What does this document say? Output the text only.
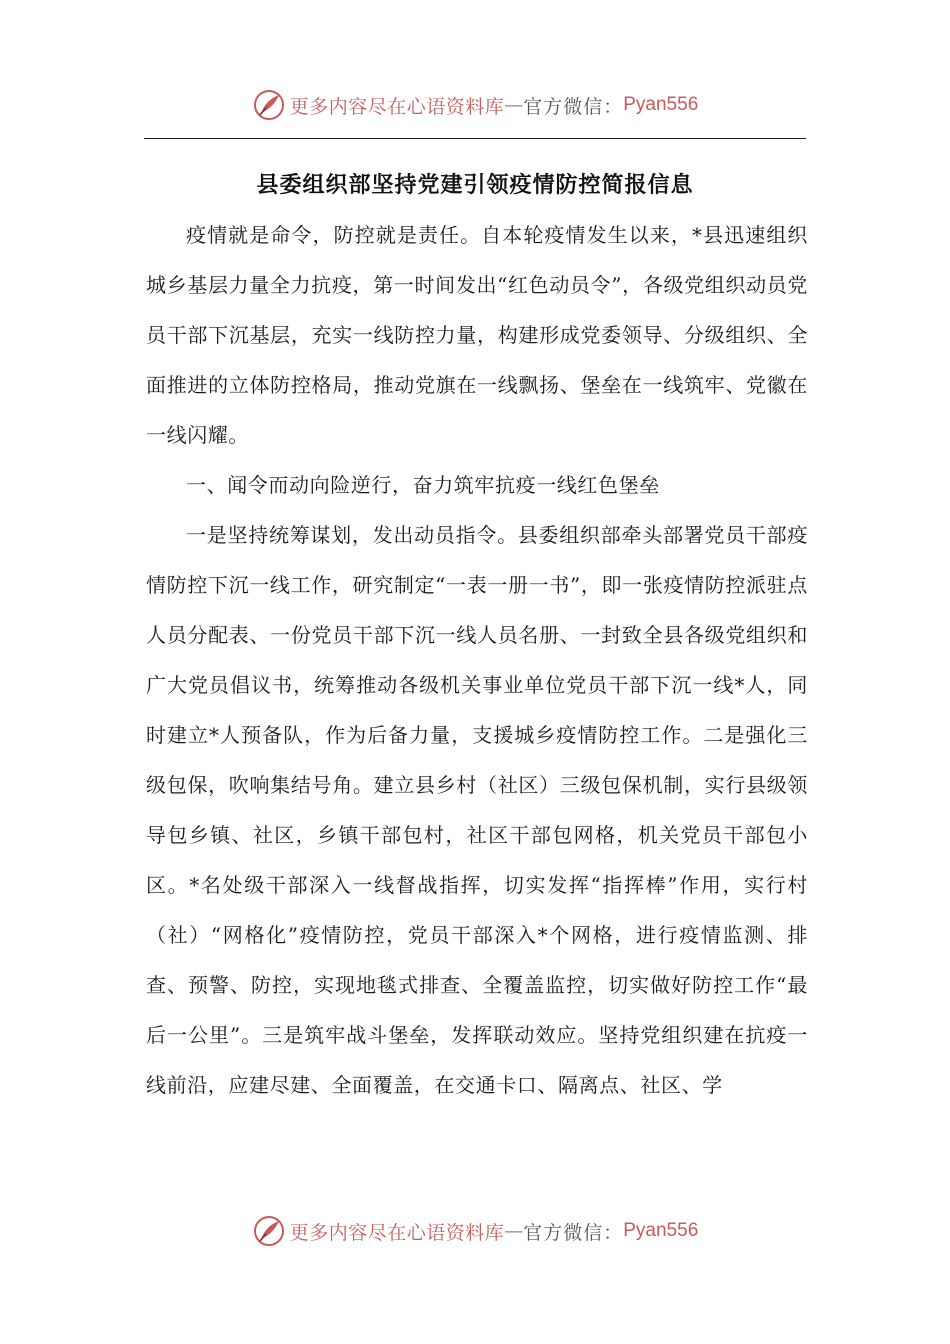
更多内容尽在心语资料库 — 官方微信： Pyan556
县委组织部坚持党建引领疫情防控简报信息

疫情就是命令，防控就是责任。自本轮疫情发生以来，*县迅速组织城乡基层力量全力抗疫，第一时间发出“红色动员令”，各级党组织动员党员干部下沉基层，充实一线防控力量，构建形成党委领导、分级组织、全面推进的立体防控格局，推动党旗在一线飘扬、堡垒在一线筑牢、党徽在一线闪耀。

一、闻令而动向险逆行，奋力筑牢抗疫一线红色堡垒

一是坚持统筹谋划，发出动员指令。县委组织部牵头部署党员干部疫情防控下沉一线工作，研究制定“一表一册一书”，即一张疫情防控派驻点人员分配表、一份党员干部下沉一线人员名册、一封致全县各级党组织和广大党员倡议书，统筹推动各级机关事业单位党员干部下沉一线*人，同时建立*人预备队，作为后备力量，支援城乡疫情防控工作。二是强化三级包保，吹响集结号角。建立县乡村（社区）三级包保机制，实行县级领导包乡镇、社区，乡镇干部包村，社区干部包网格，机关党员干部包小区。*名处级干部深入一线督战指挥，切实发挥“指挥棒”作用，实行村（社）“网格化”疫情防控，党员干部深入*个网格，进行疫情监测、排查、预警、防控，实现地毯式排查、全覆盖监控，切实做好防控工作“最后一公里”。三是筑牢战斗堡垒，发挥联动效应。坚持党组织建在抗疫一线前沿，应建尽建、全面覆盖，在交通卡口、隔离点、社区、学

更多内容尽在心语资料库 — 官方微信： Pyan556
